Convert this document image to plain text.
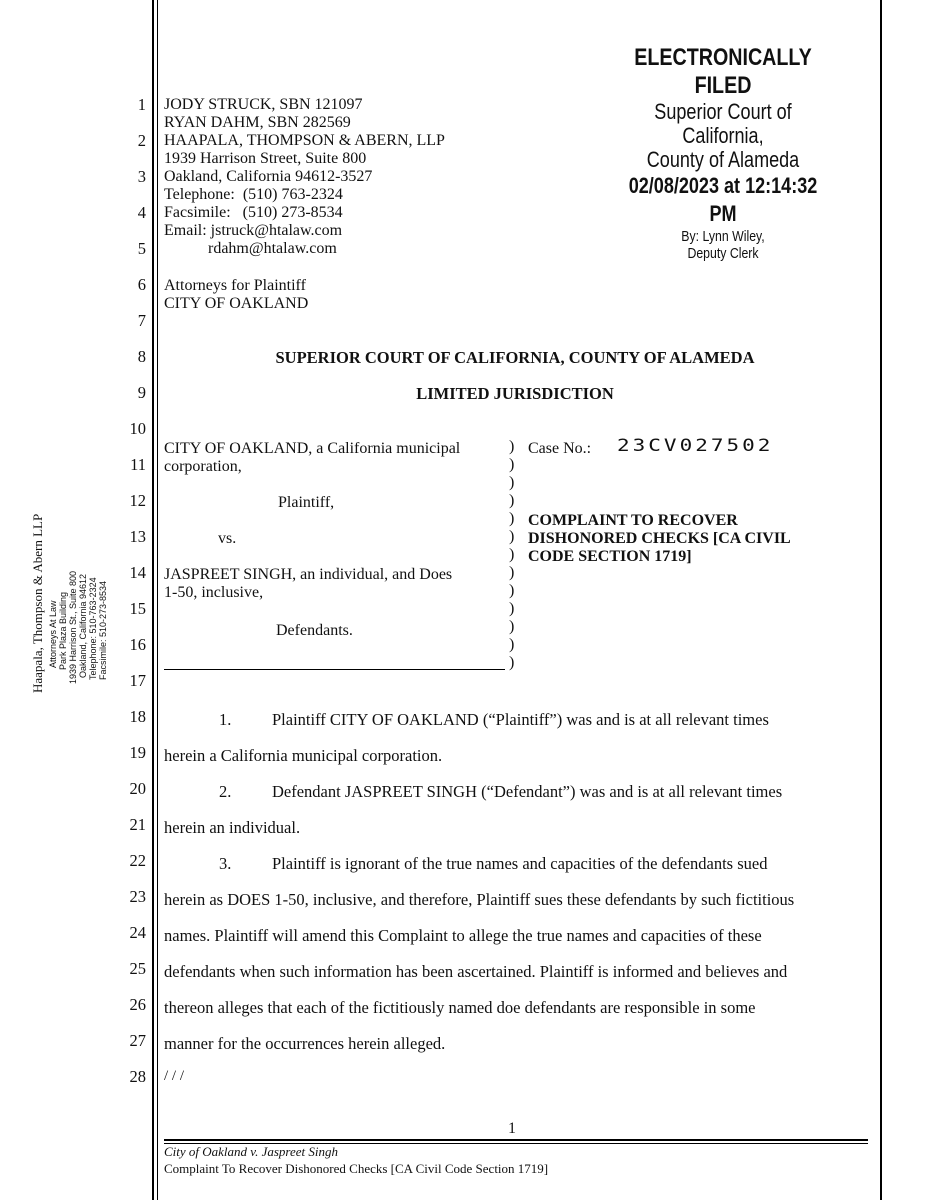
1
2
3
4
5
6
7
8
9
10
11
12
13
14
15
16
17
18
19
20
21
22
23
24
25
26
27
28
Haapala, Thompson & Abern LLP Attorneys At Law Park Plaza Building 1939 Harrison St., Suite 800 Oakland, California 94612 Telephone: 510-763-2324 Facsimile: 510-273-8534
ELECTRONICALLY FILED
Superior Court of California,
County of Alameda
02/08/2023 at 12:14:32 PM
By: Lynn Wiley,
Deputy Clerk
JODY STRUCK, SBN 121097
RYAN DAHM, SBN 282569
HAAPALA, THOMPSON & ABERN, LLP
1939 Harrison Street, Suite 800
Oakland, California 94612-3527
Telephone:  (510) 763-2324
Facsimile:   (510) 273-8534
Email: jstruck@htalaw.com
rdahm@htalaw.com
Attorneys for Plaintiff
CITY OF OAKLAND
SUPERIOR COURT OF CALIFORNIA, COUNTY OF ALAMEDA
LIMITED JURISDICTION
CITY OF OAKLAND, a California municipal
corporation,
Plaintiff,
vs.
JASPREET SINGH, an individual, and Does
1-50, inclusive,
Defendants.
)
)
)
)
)
)
)
)
)
)
)
)
)
Case No.: 23CV027502
COMPLAINT TO RECOVER
DISHONORED CHECKS [CA CIVIL
CODE SECTION 1719]
1. Plaintiff CITY OF OAKLAND (“Plaintiff”) was and is at all relevant times
herein a California municipal corporation.
2. Defendant JASPREET SINGH (“Defendant”) was and is at all relevant times
herein an individual.
3. Plaintiff is ignorant of the true names and capacities of the defendants sued
herein as DOES 1-50, inclusive, and therefore, Plaintiff sues these defendants by such fictitious
names. Plaintiff will amend this Complaint to allege the true names and capacities of these
defendants when such information has been ascertained. Plaintiff is informed and believes and
thereon alleges that each of the fictitiously named doe defendants are responsible in some
manner for the occurrences herein alleged.
/ / /
1
City of Oakland v. Jaspreet Singh
Complaint To Recover Dishonored Checks [CA Civil Code Section 1719]
